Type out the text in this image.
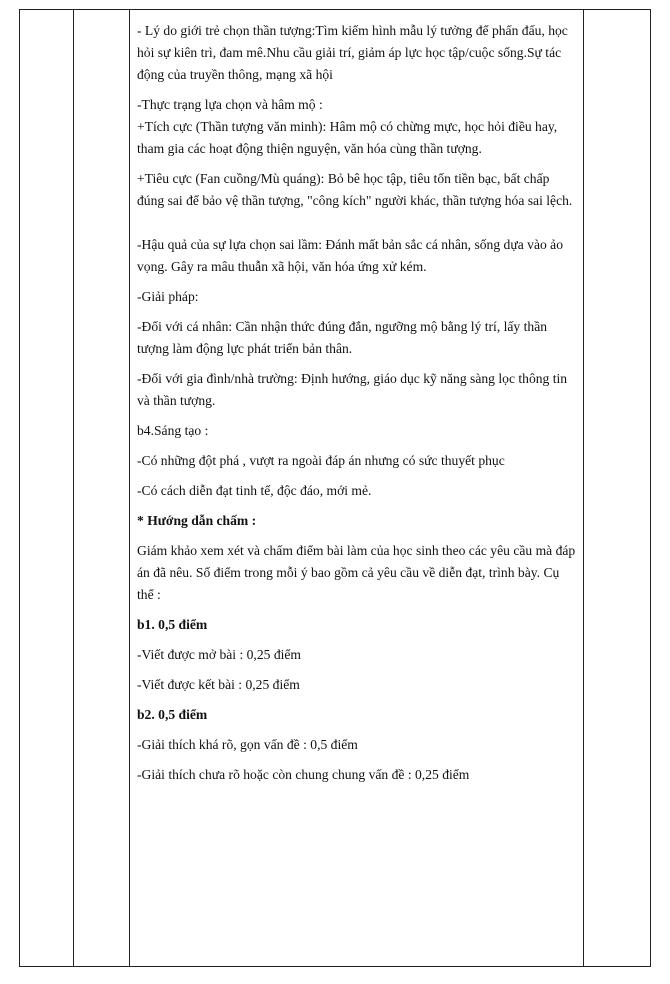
- Lý do giới trẻ chọn thần tượng:Tìm kiếm hình mẫu lý tưởng để phấn đấu, học hỏi sự kiên trì, đam mê.Nhu cầu giải trí, giảm áp lực học tập/cuộc sống.Sự tác động của truyền thông, mạng xã hội

-Thực trạng lựa chọn và hâm mộ :

+Tích cực (Thần tượng văn minh): Hâm mộ có chừng mực, học hỏi điều hay, tham gia các hoạt động thiện nguyện, văn hóa cùng thần tượng.

+Tiêu cực (Fan cuồng/Mù quáng): Bỏ bê học tập, tiêu tốn tiền bạc, bất chấp đúng sai để bảo vệ thần tượng, "công kích" người khác, thần tượng hóa sai lệch.

-Hậu quả của sự lựa chọn sai lầm: Đánh mất bản sắc cá nhân, sống dựa vào ảo vọng. Gây ra mâu thuẫn xã hội, văn hóa ứng xử kém.

-Giải pháp:

-Đối với cá nhân: Cần nhận thức đúng đắn, ngưỡng mộ bằng lý trí, lấy thần tượng làm động lực phát triển bản thân.

-Đối với gia đình/nhà trường: Định hướng, giáo dục kỹ năng sàng lọc thông tin và thần tượng.

b4.Sáng tạo :

-Có những đột phá , vượt ra ngoài đáp án nhưng có sức thuyết phục

-Có cách diễn đạt tinh tế, độc đáo, mới mẻ.

* Hướng dẫn chấm :

Giám khảo xem xét và chấm điểm bài làm của học sinh theo các yêu cầu mà đáp án đã nêu. Số điểm trong mỗi ý bao gồm cả yêu cầu về diễn đạt, trình bày. Cụ thể :

b1. 0,5 điểm

-Viết được mở bài : 0,25 điểm

-Viết được kết bài : 0,25 điểm

b2. 0,5 điểm

-Giải thích khá rõ, gọn vấn đề : 0,5 điểm

-Giải thích chưa rõ hoặc còn chung chung vấn đề : 0,25 điểm
